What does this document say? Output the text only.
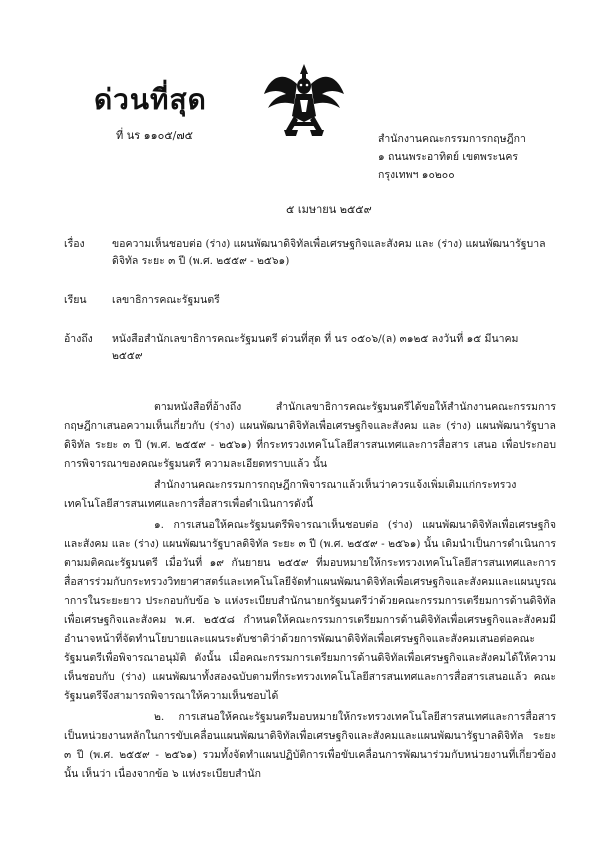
ด่วนที่สุด
ที่ นร ๑๑๐๕/๗๕	สำนักงานคณะกรรมการกฤษฎีกา
๑ ถนนพระอาทิตย์ เขตพระนคร
กรุงเทพฯ ๑๐๒๐๐
๕ เมษายน ๒๕๕๙
เรื่อง	ขอความเห็นชอบต่อ (ร่าง) แผนพัฒนาดิจิทัลเพื่อเศรษฐกิจและสังคม และ (ร่าง) แผนพัฒนารัฐบาลดิจิทัล ระยะ ๓ ปี (พ.ศ. ๒๕๕๙ - ๒๕๖๑)
เรียน	เลขาธิการคณะรัฐมนตรี
อ้างถึง	หนังสือสำนักเลขาธิการคณะรัฐมนตรี ด่วนที่สุด ที่ นร ๐๕๐๖/(ล) ๓๑๒๕ ลงวันที่ ๑๕ มีนาคม ๒๕๕๙

ตามหนังสือที่อ้างถึง สำนักเลขาธิการคณะรัฐมนตรีได้ขอให้สำนักงานคณะกรรมการกฤษฎีกาเสนอความเห็นเกี่ยวกับ (ร่าง) แผนพัฒนาดิจิทัลเพื่อเศรษฐกิจและสังคม และ (ร่าง) แผนพัฒนารัฐบาลดิจิทัล ระยะ ๓ ปี (พ.ศ. ๒๕๕๙ - ๒๕๖๑) ที่กระทรวงเทคโนโลยีสารสนเทศและการสื่อสาร เสนอ เพื่อประกอบการพิจารณาของคณะรัฐมนตรี ความละเอียดทราบแล้ว นั้น

สำนักงานคณะกรรมการกฤษฎีกาพิจารณาแล้วเห็นว่าควรแจ้งเพิ่มเติมแก่กระทรวงเทคโนโลยีสารสนเทศและการสื่อสารเพื่อดำเนินการดังนี้

๑. การเสนอให้คณะรัฐมนตรีพิจารณาเห็นชอบต่อ (ร่าง) แผนพัฒนาดิจิทัลเพื่อเศรษฐกิจและสังคม และ (ร่าง) แผนพัฒนารัฐบาลดิจิทัล ระยะ ๓ ปี (พ.ศ. ๒๕๕๙ - ๒๕๖๑) นั้น เดิมนำเป็นการดำเนินการตามมติคณะรัฐมนตรี เมื่อวันที่ ๑๙ กันยายน ๒๕๕๙ ที่มอบหมายให้กระทรวงเทคโนโลยีสารสนเทศและการสื่อสารร่วมกับกระทรวงวิทยาศาสตร์และเทคโนโลยีจัดทำแผนพัฒนาดิจิทัลเพื่อเศรษฐกิจและสังคมและแผนบูรณาการในระยะยาว ประกอบกับข้อ ๖ แห่งระเบียบสำนักนายกรัฐมนตรีว่าด้วยคณะกรรมการเตรียมการด้านดิจิทัลเพื่อเศรษฐกิจและสังคม พ.ศ. ๒๕๕๘ กำหนดให้คณะกรรมการเตรียมการด้านดิจิทัลเพื่อเศรษฐกิจและสังคมมีอำนาจหน้าที่จัดทำนโยบายและแผนระดับชาติว่าด้วยการพัฒนาดิจิทัลเพื่อเศรษฐกิจและสังคมเสนอต่อคณะรัฐมนตรีเพื่อพิจารณาอนุมัติ ดังนั้น เมื่อคณะกรรมการเตรียมการด้านดิจิทัลเพื่อเศรษฐกิจและสังคมได้ให้ความเห็นชอบกับ (ร่าง) แผนพัฒนาทั้งสองฉบับตามที่กระทรวงเทคโนโลยีสารสนเทศและการสื่อสารเสนอแล้ว คณะรัฐมนตรีจึงสามารถพิจารณาให้ความเห็นชอบได้

๒. การเสนอให้คณะรัฐมนตรีมอบหมายให้กระทรวงเทคโนโลยีสารสนเทศและการสื่อสารเป็นหน่วยงานหลักในการขับเคลื่อนแผนพัฒนาดิจิทัลเพื่อเศรษฐกิจและสังคมและแผนพัฒนารัฐบาลดิจิทัล ระยะ ๓ ปี (พ.ศ. ๒๕๕๙ - ๒๕๖๑) รวมทั้งจัดทำแผนปฏิบัติการเพื่อขับเคลื่อนการพัฒนาร่วมกับหน่วยงานที่เกี่ยวข้อง นั้น เห็นว่า เนื่องจากข้อ ๖ แห่งระเบียบสำนัก
